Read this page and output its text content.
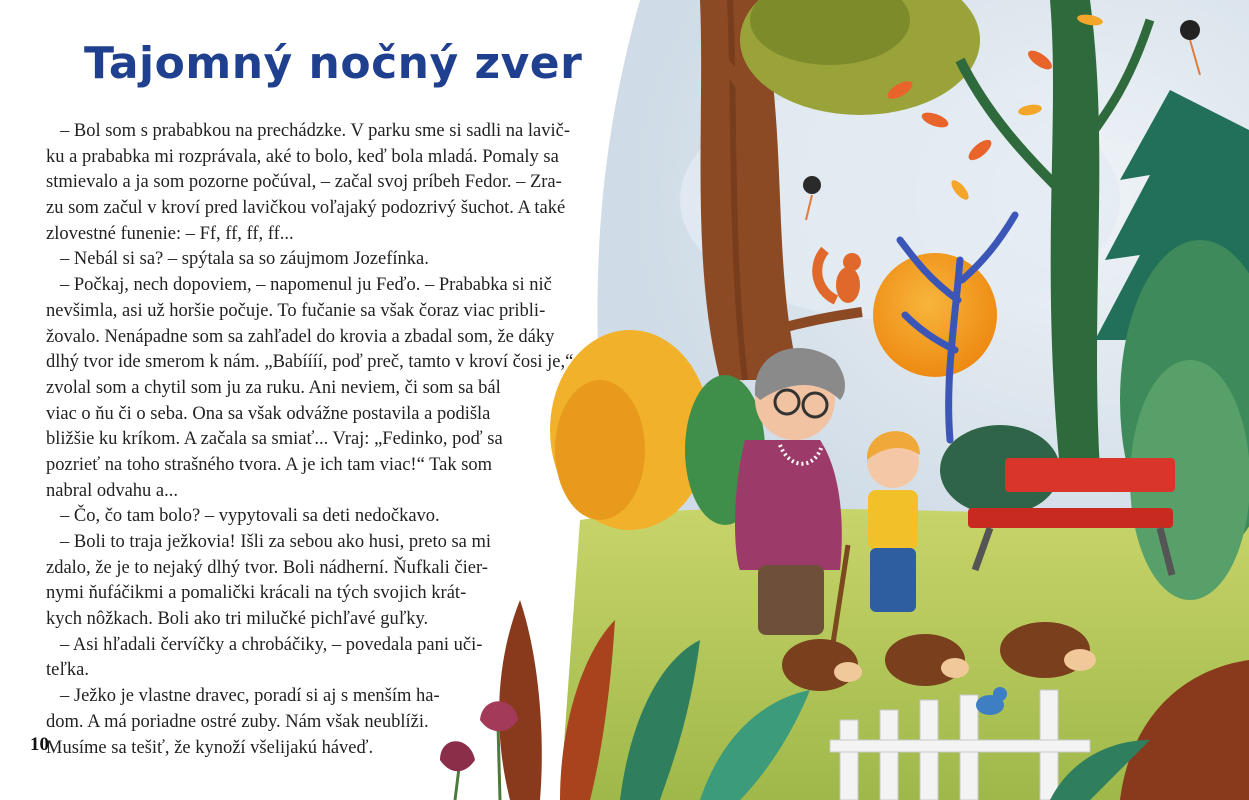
Tajomný nočný zver
– Bol som s prababkou na prechádzke. V parku sme si sadli na lavič-
ku a prababka mi rozprávala, aké to bolo, keď bola mladá. Pomaly sa
stmievalo a ja som pozorne počúval, – začal svoj príbeh Fedor. – Zra-
zu som začul v kroví pred lavičkou voľajaký podozrivý šuchot. A také
zlovestné funenie: – Ff, ff, ff, ff...
– Nebál si sa? – spýtala sa so záujmom Jozefínka.
– Počkaj, nech dopoviem, – napomenul ju Feďo. – Prababka si nič
nevšimla, asi už horšie počuje. To fučanie sa však čoraz viac pribli-
žovalo. Nenápadne som sa zahľadel do krovia a zbadal som, že dáky
dlhý tvor ide smerom k nám. „Babíííí, poď preč, tamto v kroví čosi je,“
zvolal som a chytil som ju za ruku. Ani neviem, či som sa bál
viac o ňu či o seba. Ona sa však odvážne postavila a podišla
bližšie ku kríkom. A začala sa smiať... Vraj: „Fedinko, poď sa
pozrieť na toho strašného tvora. A je ich tam viac!“ Tak som
nabral odvahu a...
– Čo, čo tam bolo? – vypytovali sa deti nedočkavo.
– Boli to traja ježkovia! Išli za sebou ako husi, preto sa mi
zdalo, že je to nejaký dlhý tvor. Boli nádherní. Ňufkali čier-
nymi ňufáčikmi a pomalički krácali na tých svojich krát-
kych nôžkach. Boli ako tri milučké pichľavé guľky.
– Asi hľadali červíčky a chrobáčiky, – povedala pani uči-
teľka.
– Ježko je vlastne dravec, poradí si aj s menším ha-
dom. A má poriadne ostré zuby. Nám však neublíži.
Musíme sa tešiť, že kynoží všelijakú háveď.
10
